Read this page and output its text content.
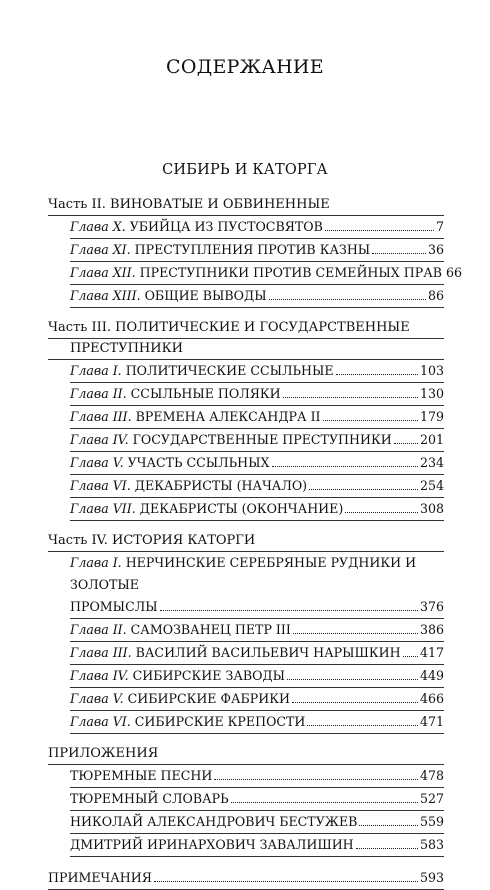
СОДЕРЖАНИЕ
СИБИРЬ И КАТОРГА
Часть II. ВИНОВАТЫЕ И ОБВИНЕННЫЕ
Глава X. УБИЙЦА ИЗ ПУСТОСВЯТОВ	7
Глава XI. ПРЕСТУПЛЕНИЯ ПРОТИВ КАЗНЫ	36
Глава XII. ПРЕСТУПНИКИ ПРОТИВ СЕМЕЙНЫХ ПРАВ 66
Глава XIII. ОБЩИЕ ВЫВОДЫ	86
Часть III. ПОЛИТИЧЕСКИЕ И ГОСУДАРСТВЕННЫЕ
ПРЕСТУПНИКИ
Глава I. ПОЛИТИЧЕСКИЕ ССЫЛЬНЫЕ	103
Глава II. ССЫЛЬНЫЕ ПОЛЯКИ	130
Глава III. ВРЕМЕНА АЛЕКСАНДРА II	179
Глава IV. ГОСУДАРСТВЕННЫЕ ПРЕСТУПНИКИ 201
Глава V. УЧАСТЬ ССЫЛЬНЫХ	234
Глава VI. ДЕКАБРИСТЫ (НАЧАЛО)	254
Глава VII. ДЕКАБРИСТЫ (ОКОНЧАНИЕ)	308
Часть IV. ИСТОРИЯ КАТОРГИ
Глава I. НЕРЧИНСКИЕ СЕРЕБРЯНЫЕ РУДНИКИ И ЗОЛОТЫЕ
ПРОМЫСЛЫ	376
Глава II. САМОЗВАНЕЦ ПЕТР III	386
Глава III. ВАСИЛИЙ ВАСИЛЬЕВИЧ НАРЫШКИН 417
Глава IV. СИБИРСКИЕ ЗАВОДЫ	449
Глава V. СИБИРСКИЕ ФАБРИКИ	466
Глава VI. СИБИРСКИЕ КРЕПОСТИ	471
ПРИЛОЖЕНИЯ
ТЮРЕМНЫЕ ПЕСНИ	478
ТЮРЕМНЫЙ СЛОВАРЬ	527
НИКОЛАЙ АЛЕКСАНДРОВИЧ БЕСТУЖЕВ	559
ДМИТРИЙ ИРИНАРХОВИЧ ЗАВАЛИШИН	583
ПРИМЕЧАНИЯ	593
